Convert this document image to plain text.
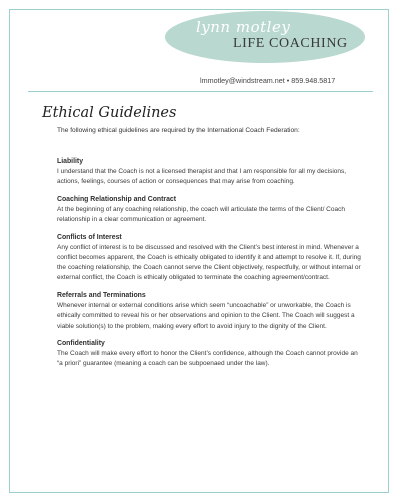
lynn motley
LIFE COACHING
lmmotley@windstream.net • 859.948.5817
Ethical Guidelines
The following ethical guidelines are required by the International Coach Federation:

Liability

I understand that the Coach is not a licensed therapist and that I am responsible for all my decisions, actions, feelings, courses of action or consequences that may arise from coaching.

Coaching Relationship and Contract

At the beginning of any coaching relationship, the coach will articulate the terms of the Client/ Coach relationship in a clear communication or agreement.

Conflicts of Interest

Any conflict of interest is to be discussed and resolved with the Client’s best interest in mind. Whenever a conflict becomes apparent, the Coach is ethically obligated to identify it and attempt to resolve it. If, during the coaching relationship, the Coach cannot serve the Client objectively, respectfully, or without internal or external conflict, the Coach is ethically obligated to terminate the coaching agreement/contract.

Referrals and Terminations

Whenever internal or external conditions arise which seem “uncoachable” or unworkable, the Coach is ethically committed to reveal his or her observations and opinion to the Client. The Coach will suggest a viable solution(s) to the problem, making every effort to avoid injury to the dignity of the Client.

Confidentiality

The Coach will make every effort to honor the Client’s confidence, although the Coach cannot provide an “a priori” guarantee (meaning a coach can be subpoenaed under the law).
